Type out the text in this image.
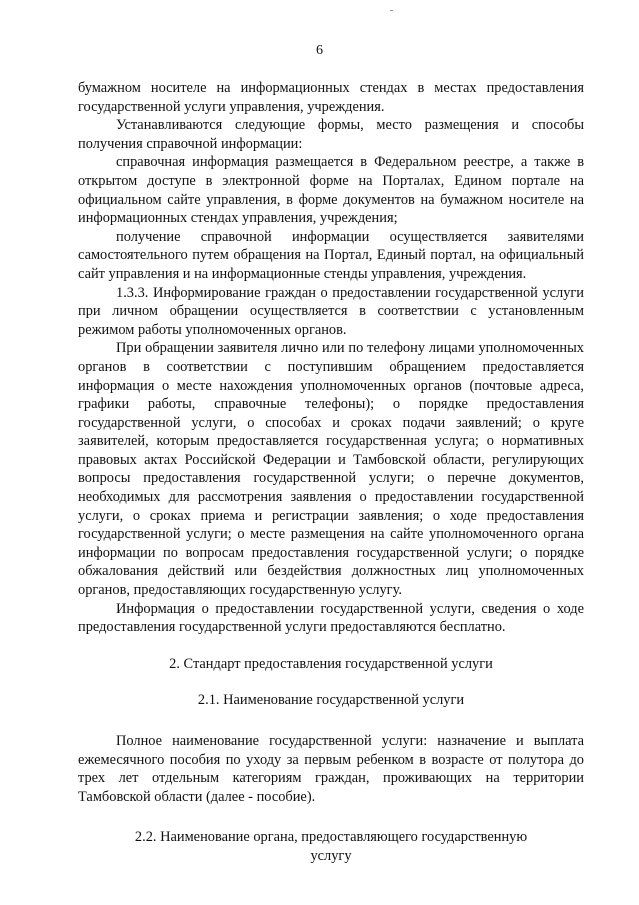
6

бумажном носителе на информационных стендах в местах предоставления государственной услуги управления, учреждения.

Устанавливаются следующие формы, место размещения и способы получения справочной информации:

справочная информация размещается в Федеральном реестре, а также в открытом доступе в электронной форме на Порталах, Едином портале на официальном сайте управления, в форме документов на бумажном носителе на информационных стендах управления, учреждения;

получение справочной информации осуществляется заявителями самостоятельного путем обращения на Портал, Единый портал, на официальный сайт управления и на информационные стенды управления, учреждения.

1.3.3. Информирование граждан о предоставлении государственной услуги при личном обращении осуществляется в соответствии с установленным режимом работы уполномоченных органов.

При обращении заявителя лично или по телефону лицами уполномоченных органов в соответствии с поступившим обращением предоставляется информация о месте нахождения уполномоченных органов (почтовые адреса, графики работы, справочные телефоны); о порядке предоставления государственной услуги, о способах и сроках подачи заявлений; о круге заявителей, которым предоставляется государственная услуга; о нормативных правовых актах Российской Федерации и Тамбовской области, регулирующих вопросы предоставления государственной услуги; о перечне документов, необходимых для рассмотрения заявления о предоставлении государственной услуги, о сроках приема и регистрации заявления; о ходе предоставления государственной услуги; о месте размещения на сайте уполномоченного органа информации по вопросам предоставления государственной услуги; о порядке обжалования действий или бездействия должностных лиц уполномоченных органов, предоставляющих государственную услугу.

Информация о предоставлении государственной услуги, сведения о ходе предоставления государственной услуги предоставляются бесплатно.

2. Стандарт предоставления государственной услуги

2.1. Наименование государственной услуги

Полное наименование государственной услуги: назначение и выплата ежемесячного пособия по уходу за первым ребенком в возрасте от полутора до трех лет отдельным категориям граждан, проживающих на территории Тамбовской области (далее - пособие).

2.2. Наименование органа, предоставляющего государственную

услугу
